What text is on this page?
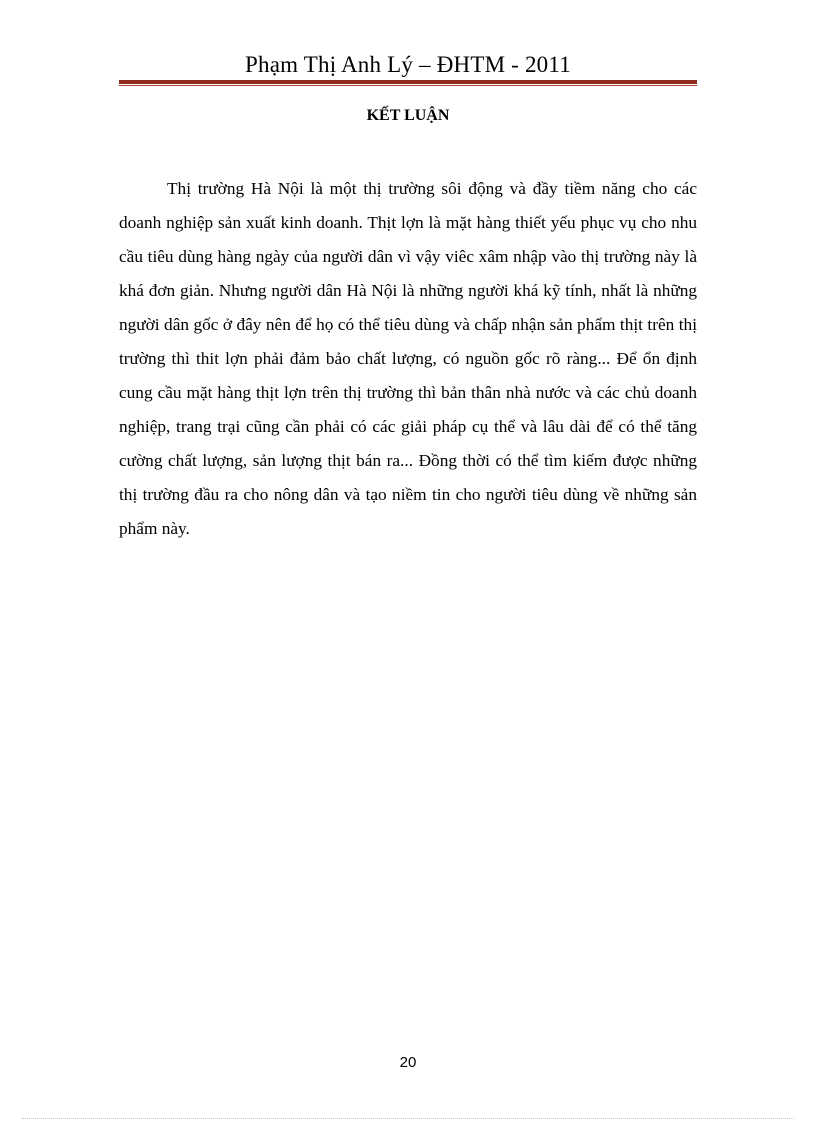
Phạm Thị Anh Lý – ĐHTM - 2011
KẾT LUẬN

Thị trường Hà Nội là một thị trường sôi động và đầy tiềm năng cho các doanh nghiệp sản xuất kinh doanh. Thịt lợn là mặt hàng thiết yếu phục vụ cho nhu cầu tiêu dùng hàng ngày của người dân vì vậy viêc xâm nhập vào thị trường này là khá đơn giản. Nhưng người dân Hà Nội là những người khá kỹ tính, nhất là những người dân gốc ở đây nên để họ có thể tiêu dùng và chấp nhận sản phẩm thịt trên thị trường thì thit lợn phải đảm bảo chất lượng, có nguồn gốc rõ ràng... Để ổn định cung cầu mặt hàng thịt lợn trên thị trường thì bản thân nhà nước và các chủ doanh nghiệp, trang trại cũng cần phải có các giải pháp cụ thể và lâu dài để có thể tăng cường chất lượng, sản lượng thịt bán ra... Đồng thời có thể tìm kiếm được những thị trường đầu ra cho nông dân và tạo niềm tin cho người tiêu dùng về những sản phẩm này.

20
